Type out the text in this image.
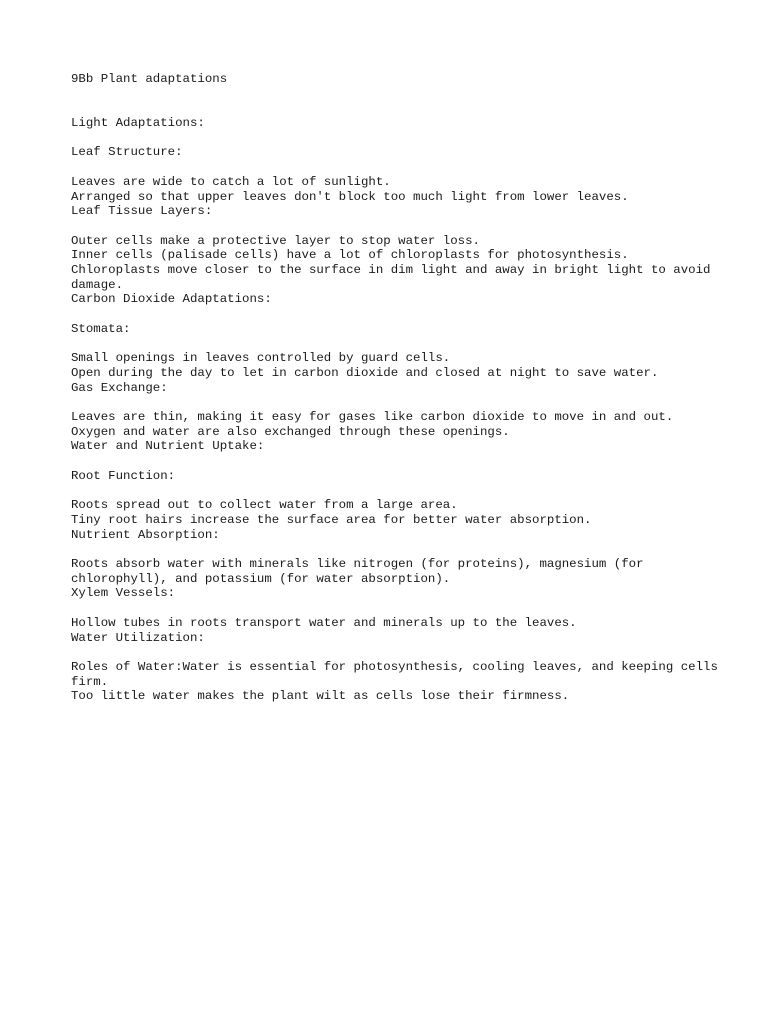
9Bb Plant adaptations
Light Adaptations:
Leaf Structure:
Leaves are wide to catch a lot of sunlight.
Arranged so that upper leaves don't block too much light from lower leaves.
Leaf Tissue Layers:
Outer cells make a protective layer to stop water loss.
Inner cells (palisade cells) have a lot of chloroplasts for photosynthesis.
Chloroplasts move closer to the surface in dim light and away in bright light to avoid damage.
Carbon Dioxide Adaptations:
Stomata:
Small openings in leaves controlled by guard cells.
Open during the day to let in carbon dioxide and closed at night to save water.
Gas Exchange:
Leaves are thin, making it easy for gases like carbon dioxide to move in and out.
Oxygen and water are also exchanged through these openings.
Water and Nutrient Uptake:
Root Function:
Roots spread out to collect water from a large area.
Tiny root hairs increase the surface area for better water absorption.
Nutrient Absorption:
Roots absorb water with minerals like nitrogen (for proteins), magnesium (for chlorophyll), and potassium (for water absorption).
Xylem Vessels:
Hollow tubes in roots transport water and minerals up to the leaves.
Water Utilization:
Roles of Water:Water is essential for photosynthesis, cooling leaves, and keeping cells firm.
Too little water makes the plant wilt as cells lose their firmness.
